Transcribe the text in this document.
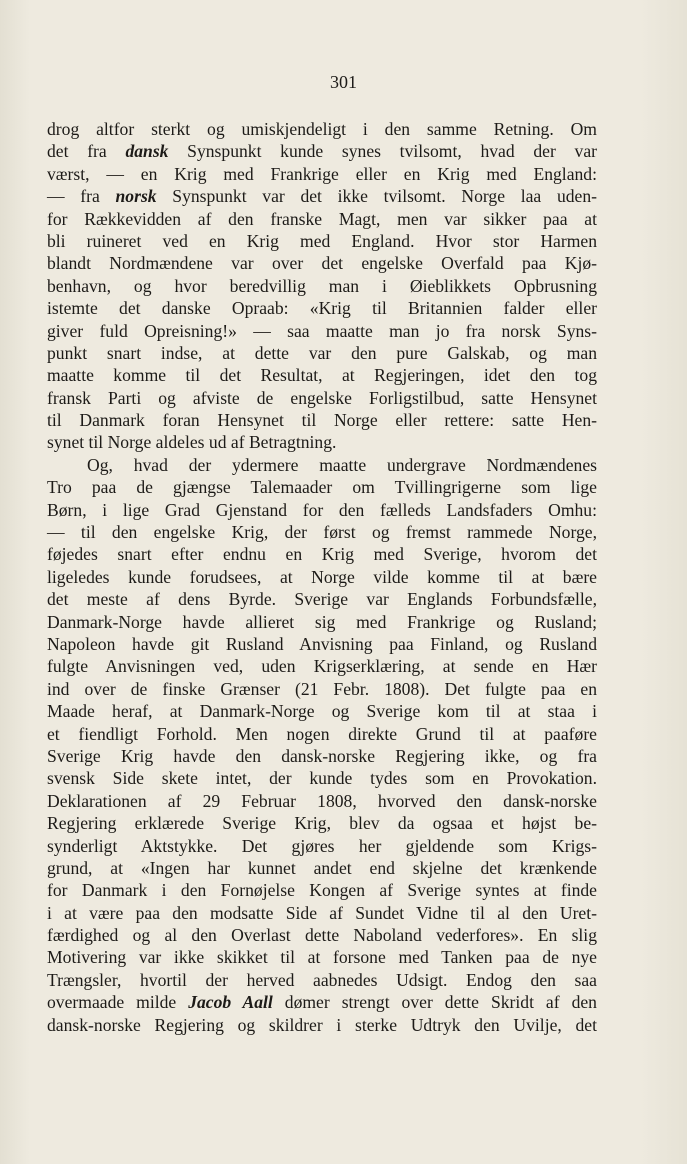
301
drog altfor sterkt og umiskjendeligt i den samme Retning. Om
det fra dansk Synspunkt kunde synes tvilsomt, hvad der var
værst, — en Krig med Frankrige eller en Krig med England:
— fra norsk Synspunkt var det ikke tvilsomt. Norge laa uden-
for Rækkevidden af den franske Magt, men var sikker paa at
bli ruineret ved en Krig med England. Hvor stor Harmen
blandt Nordmændene var over det engelske Overfald paa Kjø-
benhavn, og hvor beredvillig man i Øieblikkets Opbrusning
istemte det danske Opraab: «Krig til Britannien falder eller
giver fuld Opreisning!» — saa maatte man jo fra norsk Syns-
punkt snart indse, at dette var den pure Galskab, og man
maatte komme til det Resultat, at Regjeringen, idet den tog
fransk Parti og afviste de engelske Forligstilbud, satte Hensynet
til Danmark foran Hensynet til Norge eller rettere: satte Hen-
synet til Norge aldeles ud af Betragtning.
Og, hvad der ydermere maatte undergrave Nordmændenes
Tro paa de gjængse Talemaader om Tvillingrigerne som lige
Børn, i lige Grad Gjenstand for den fælleds Landsfaders Omhu:
— til den engelske Krig, der først og fremst rammede Norge,
føjedes snart efter endnu en Krig med Sverige, hvorom det
ligeledes kunde forudsees, at Norge vilde komme til at bære
det meste af dens Byrde. Sverige var Englands Forbundsfælle,
Danmark-Norge havde allieret sig med Frankrige og Rusland;
Napoleon havde git Rusland Anvisning paa Finland, og Rusland
fulgte Anvisningen ved, uden Krigserklæring, at sende en Hær
ind over de finske Grænser (21 Febr. 1808). Det fulgte paa en
Maade heraf, at Danmark-Norge og Sverige kom til at staa i
et fiendligt Forhold. Men nogen direkte Grund til at paaføre
Sverige Krig havde den dansk-norske Regjering ikke, og fra
svensk Side skete intet, der kunde tydes som en Provokation.
Deklarationen af 29 Februar 1808, hvorved den dansk-norske
Regjering erklærede Sverige Krig, blev da ogsaa et højst be-
synderligt Aktstykke. Det gjøres her gjeldende som Krigs-
grund, at «Ingen har kunnet andet end skjelne det krænkende
for Danmark i den Fornøjelse Kongen af Sverige syntes at finde
i at være paa den modsatte Side af Sundet Vidne til al den Uret-
færdighed og al den Overlast dette Naboland vederfores». En slig
Motivering var ikke skikket til at forsone med Tanken paa de nye
Trængsler, hvortil der herved aabnedes Udsigt. Endog den saa
overmaade milde Jacob Aall dømer strengt over dette Skridt af den
dansk-norske Regjering og skildrer i sterke Udtryk den Uvilje, det
